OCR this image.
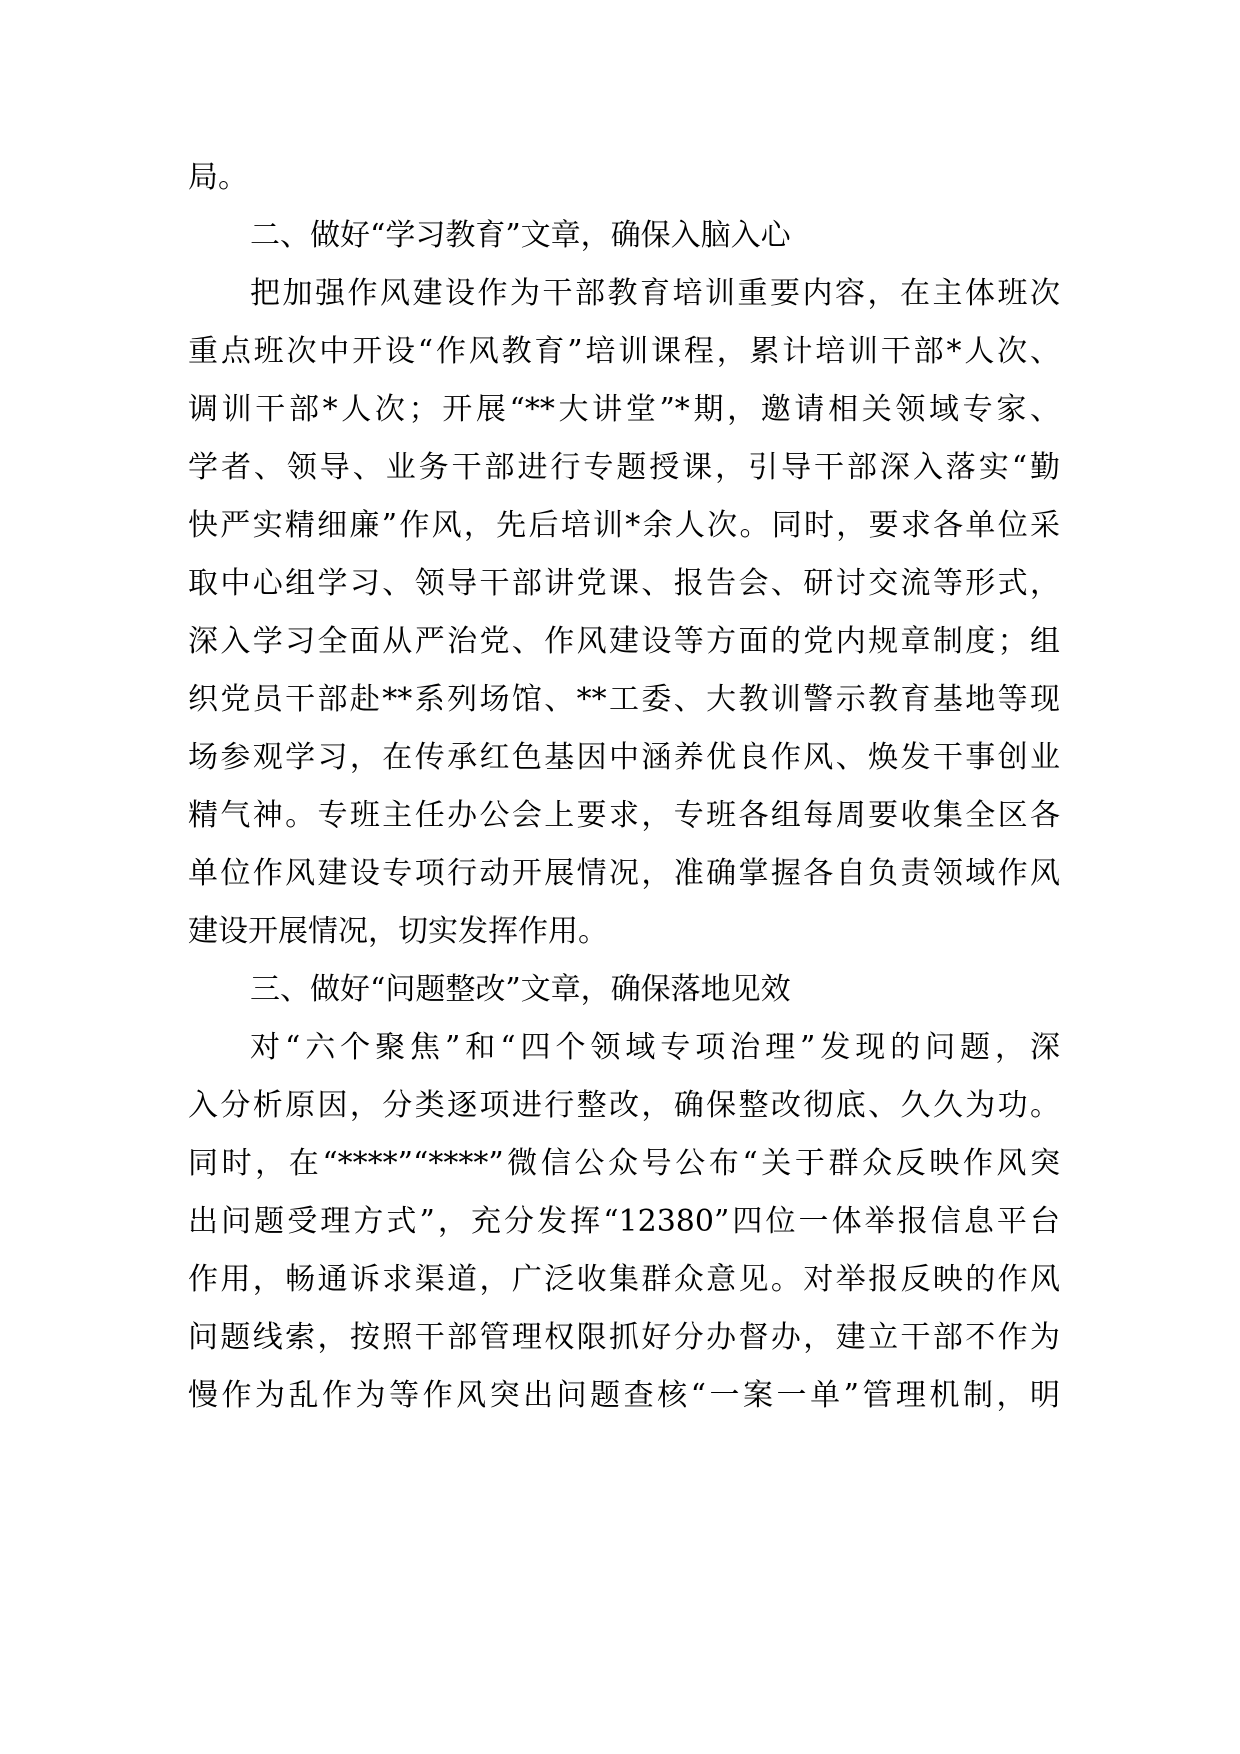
局。
二、做好“学习教育”文章，确保入脑入心
把加强作风建设作为干部教育培训重要内容，在主体班次
重点班次中开设“作风教育”培训课程，累计培训干部*人次、
调训干部*人次；开展“**大讲堂”*期，邀请相关领域专家、
学者、领导、业务干部进行专题授课，引导干部深入落实“勤
快严实精细廉”作风，先后培训*余人次。同时，要求各单位采
取中心组学习、领导干部讲党课、报告会、研讨交流等形式，
深入学习全面从严治党、作风建设等方面的党内规章制度；组
织党员干部赴**系列场馆、**工委、大教训警示教育基地等现
场参观学习，在传承红色基因中涵养优良作风、焕发干事创业
精气神。专班主任办公会上要求，专班各组每周要收集全区各
单位作风建设专项行动开展情况，准确掌握各自负责领域作风
建设开展情况，切实发挥作用。
三、做好“问题整改”文章，确保落地见效
对“六个聚焦”和“四个领域专项治理”发现的问题，深
入分析原因，分类逐项进行整改，确保整改彻底、久久为功。
同时，在“****”“****”微信公众号公布“关于群众反映作风突
出问题受理方式”，充分发挥“12380”四位一体举报信息平台
作用，畅通诉求渠道，广泛收集群众意见。对举报反映的作风
问题线索，按照干部管理权限抓好分办督办，建立干部不作为
慢作为乱作为等作风突出问题查核“一案一单”管理机制，明
